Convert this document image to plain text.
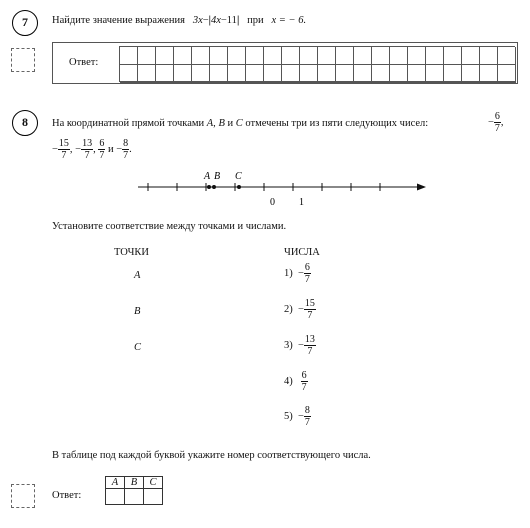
7	Найдите значение выражения 3x−|4x−11| при x = − 6.
Ответ:
8	На координатной прямой точками A, B и C отмечены три из пяти следующих чисел:	− $\frac{6}{7}$ ,
− $\frac{15}{7}$ , − $\frac{13}{7}$ , $\frac{6}{7}$ $и - \frac{8}{7}$ .
A B C
0 1
Установите соответствие между точками и числами.
ТОЧКИ	ЧИСЛА
A
B
C
$1) - \frac{6}{7}$
$2) - \frac{15}{7}$
$3) - \frac{13}{7}$
$4) \frac{6}{7}$
$5) - \frac{8}{7}$
В таблице под каждой буквой укажите номер соответствующего числа.
Ответ:
A	B	C
